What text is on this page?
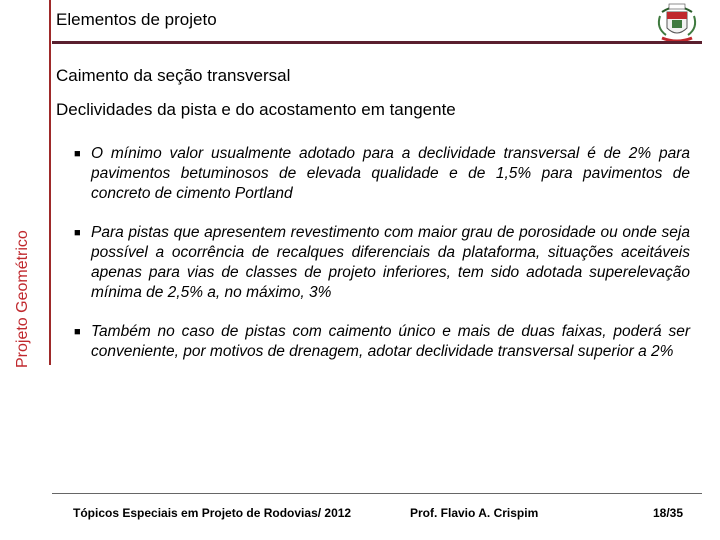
Projeto Geométrico
Elementos de projeto
Caimento da seção transversal
Declividades da pista e do acostamento em tangente
■ O mínimo valor usualmente adotado para a declividade transversal é de 2% para pavimentos betuminosos de elevada qualidade e de 1,5% para pavimentos de concreto de cimento Portland
■ Para pistas que apresentem revestimento com maior grau de porosidade ou onde seja possível a ocorrência de recalques diferenciais da plataforma, situações aceitáveis apenas para vias de classes de projeto inferiores, tem sido adotada superelevação mínima de 2,5% a, no máximo, 3%
■ Também no caso de pistas com caimento único e mais de duas faixas, poderá ser conveniente, por motivos de drenagem, adotar declividade transversal superior a 2%
Tópicos Especiais em Projeto de Rodovias/ 2012	Prof. Flavio A. Crispim	18/35
